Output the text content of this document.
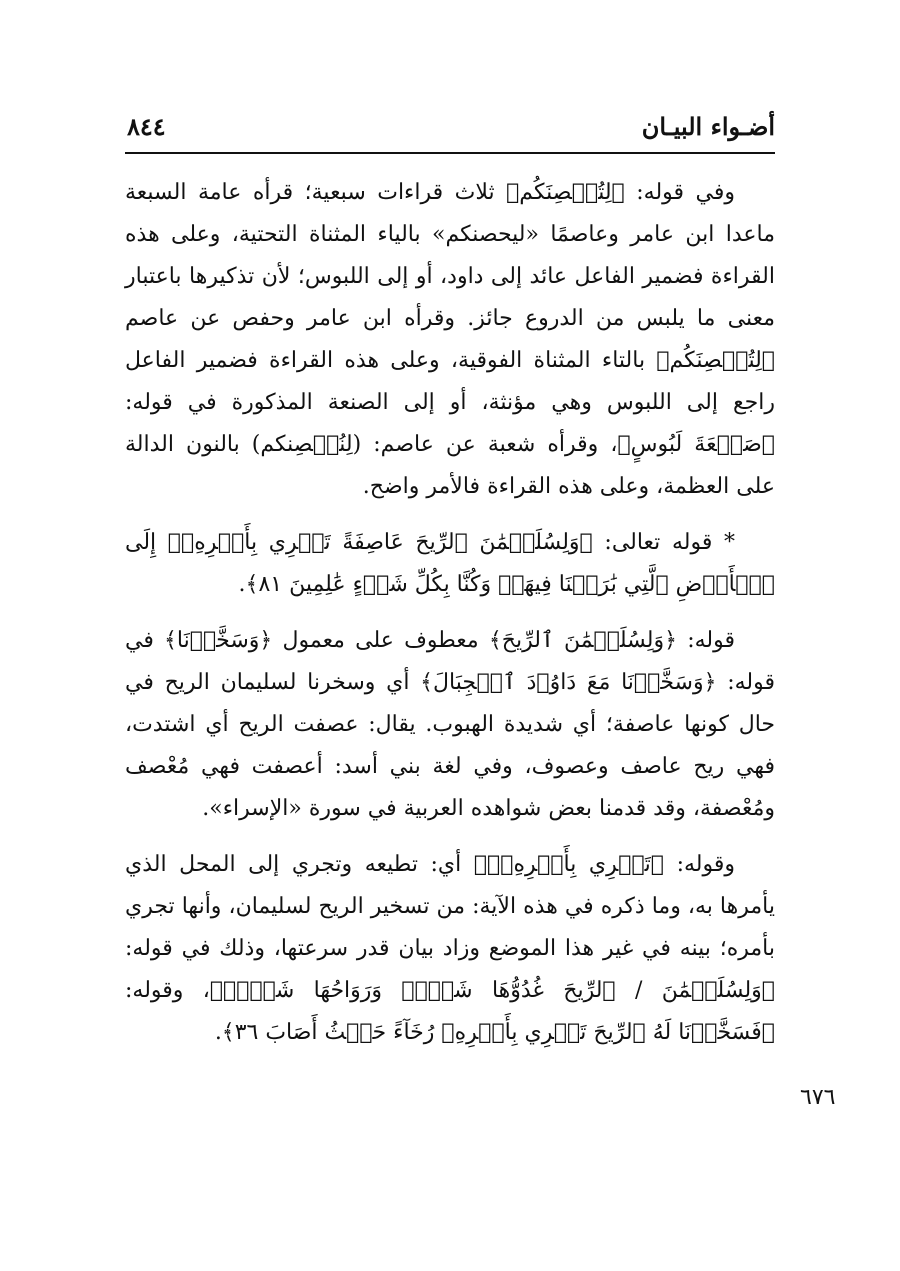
أضـواء البيـان
٨٤٤

وفي قوله: ﴿لِتُحۡصِنَكُم﴾ ثلاث قراءات سبعية؛ قرأه عامة السبعة ماعدا ابن عامر وعاصمًا «ليحصنكم» بالياء المثناة التحتية، وعلى هذه القراءة فضمير الفاعل عائد إلى داود، أو إلى اللبوس؛ لأن تذكيرها باعتبار معنى ما يلبس من الدروع جائز. وقرأه ابن عامر وحفص عن عاصم ﴿لِتُحۡصِنَكُم﴾ بالتاء المثناة الفوقية، وعلى هذه القراءة فضمير الفاعل راجع إلى اللبوس وهي مؤنثة، أو إلى الصنعة المذكورة في قوله: ﴿صَنۡعَةَ لَبُوسٍ﴾، وقرأه شعبة عن عاصم: (لِنُحۡصِنكم) بالنون الدالة على العظمة، وعلى هذه القراءة فالأمر واضح.

* قوله تعالى: ﴿وَلِسُلَيۡمَٰنَ ٱلرِّيحَ عَاصِفَةً تَجۡرِي بِأَمۡرِهِۦٓ إِلَى ٱلۡأَرۡضِ ٱلَّتِي بَٰرَكۡنَا فِيهَاۚ وَكُنَّا بِكُلِّ شَيۡءٍ عَٰلِمِينَ ٨١﴾.

قوله: ﴿وَلِسُلَيۡمَٰنَ ٱلرِّيحَ﴾ معطوف على معمول ﴿وَسَخَّرۡنَا﴾ في قوله: ﴿وَسَخَّرۡنَا مَعَ دَاوُۥدَ ٱلۡجِبَالَ﴾ أي وسخرنا لسليمان الريح في حال كونها عاصفة؛ أي شديدة الهبوب. يقال: عصفت الريح أي اشتدت، فهي ريح عاصف وعصوف، وفي لغة بني أسد: أعصفت فهي مُعْصف ومُعْصفة، وقد قدمنا بعض شواهده العربية في سورة «الإسراء».

وقوله: ﴿تَجۡرِي بِأَمۡرِهِۦٓ﴾ أي: تطيعه وتجري إلى المحل الذي يأمرها به، وما ذكره في هذه الآية: من تسخير الريح لسليمان، وأنها تجري بأمره؛ بينه في غير هذا الموضع وزاد بيان قدر سرعتها، وذلك في قوله: ﴿وَلِسُلَيۡمَٰنَ / ٱلرِّيحَ غُدُوُّهَا شَهۡرٞ وَرَوَاحُهَا شَهۡرٞ﴾، وقوله: ﴿فَسَخَّرۡنَا لَهُ ٱلرِّيحَ تَجۡرِي بِأَمۡرِهِۦ رُخَآءً حَيۡثُ أَصَابَ ٣٦﴾.

٦٧٦
